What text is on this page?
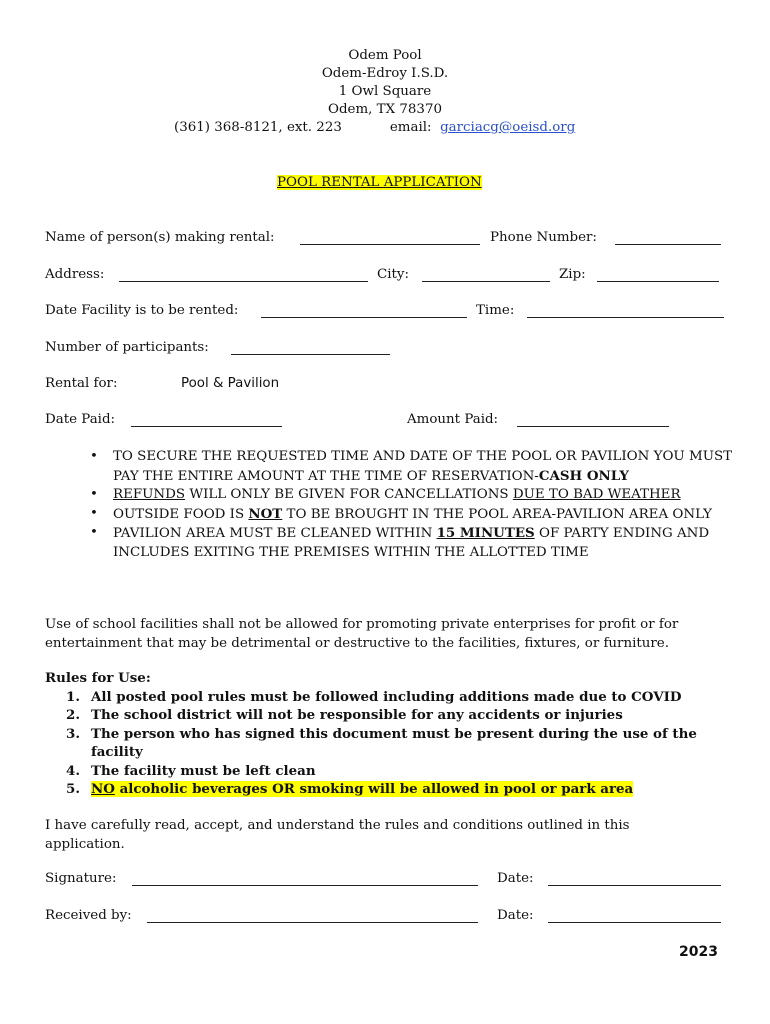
Odem Pool
Odem-Edroy I.S.D.
1 Owl Square
Odem, TX 78370
(361) 368-8121, ext. 223	email: garciacg@oeisd.org
POOL RENTAL APPLICATION
Name of person(s) making rental:	Phone Number:
Address:	City:	Zip:
Date Facility is to be rented:	Time:
Number of participants:
Rental for:	Pool & Pavilion
Date Paid:	Amount Paid:
• TO SECURE THE REQUESTED TIME AND DATE OF THE POOL OR PAVILION YOU MUST PAY THE ENTIRE AMOUNT AT THE TIME OF RESERVATION-CASH ONLY
• REFUNDS WILL ONLY BE GIVEN FOR CANCELLATIONS DUE TO BAD WEATHER
• OUTSIDE FOOD IS NOT TO BE BROUGHT IN THE POOL AREA-PAVILION AREA ONLY
• PAVILION AREA MUST BE CLEANED WITHIN 15 MINUTES OF PARTY ENDING AND INCLUDES EXITING THE PREMISES WITHIN THE ALLOTTED TIME
Use of school facilities shall not be allowed for promoting private enterprises for profit or for entertainment that may be detrimental or destructive to the facilities, fixtures, or furniture.
Rules for Use:
1. All posted pool rules must be followed including additions made due to COVID
2. The school district will not be responsible for any accidents or injuries
3. The person who has signed this document must be present during the use of the facility
4. The facility must be left clean
5. NO alcoholic beverages OR smoking will be allowed in pool or park area
I have carefully read, accept, and understand the rules and conditions outlined in this application.
Signature:	Date:
Received by:	Date:
2023
